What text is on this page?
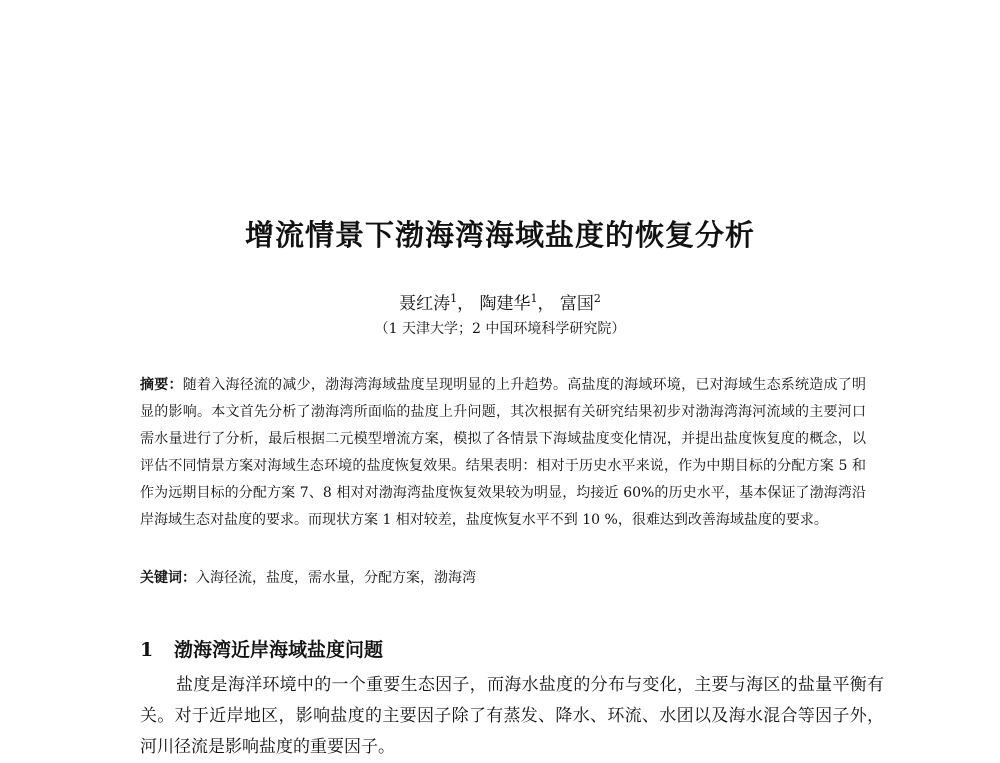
增流情景下渤海湾海域盐度的恢复分析
聂红涛$^1$， 陶建华$^1$， 富国$^2$
（1 天津大学；2 中国环境科学研究院）
摘要：随着入海径流的减少，渤海湾海域盐度呈现明显的上升趋势。高盐度的海域环境，已对海域生态系统造成了明显的影响。本文首先分析了渤海湾所面临的盐度上升问题，其次根据有关研究结果初步对渤海湾海河流域的主要河口需水量进行了分析，最后根据二元模型增流方案，模拟了各情景下海域盐度变化情况，并提出盐度恢复度的概念，以评估不同情景方案对海域生态环境的盐度恢复效果。结果表明：相对于历史水平来说，作为中期目标的分配方案 5 和作为远期目标的分配方案 7、8 相对对渤海湾盐度恢复效果较为明显，均接近 60%的历史水平，基本保证了渤海湾沿岸海域生态对盐度的要求。而现状方案 1 相对较差，盐度恢复水平不到 10 %，很难达到改善海域盐度的要求。
关键词：入海径流，盐度，需水量，分配方案，渤海湾
1 渤海湾近岸海域盐度问题
盐度是海洋环境中的一个重要生态因子，而海水盐度的分布与变化，主要与海区的盐量平衡有关。对于近岸地区，影响盐度的主要因子除了有蒸发、降水、环流、水团以及海水混合等因子外，河川径流是影响盐度的重要因子。
